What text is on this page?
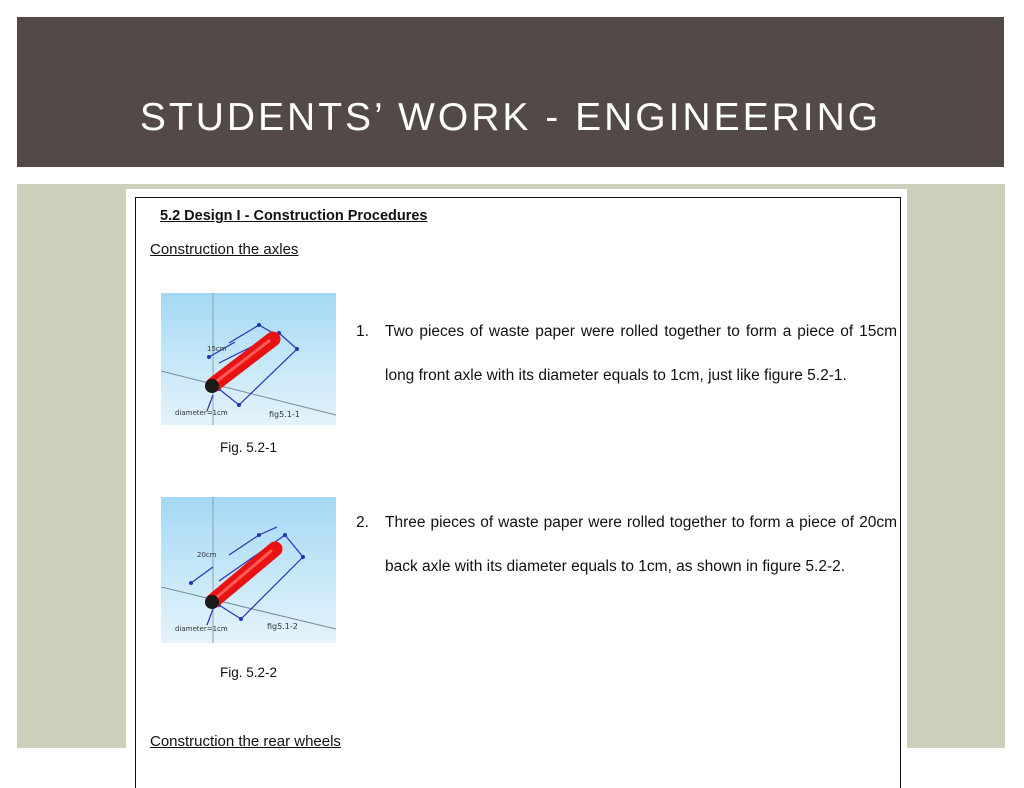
STUDENTS’ WORK - ENGINEERING
5.2 Design I - Construction Procedures
Construction the axles
15cm
diameter=1cm	fig5.1-1
Fig. 5.2-1
1. Two pieces of waste paper were rolled together to form a piece of 15cm long front axle with its diameter equals to 1cm, just like figure 5.2-1.
20cm
diameter=1cm	fig5.1-2
Fig. 5.2-2
2. Three pieces of waste paper were rolled together to form a piece of 20cm back axle with its diameter equals to 1cm, as shown in figure 5.2-2.
Construction the rear wheels
